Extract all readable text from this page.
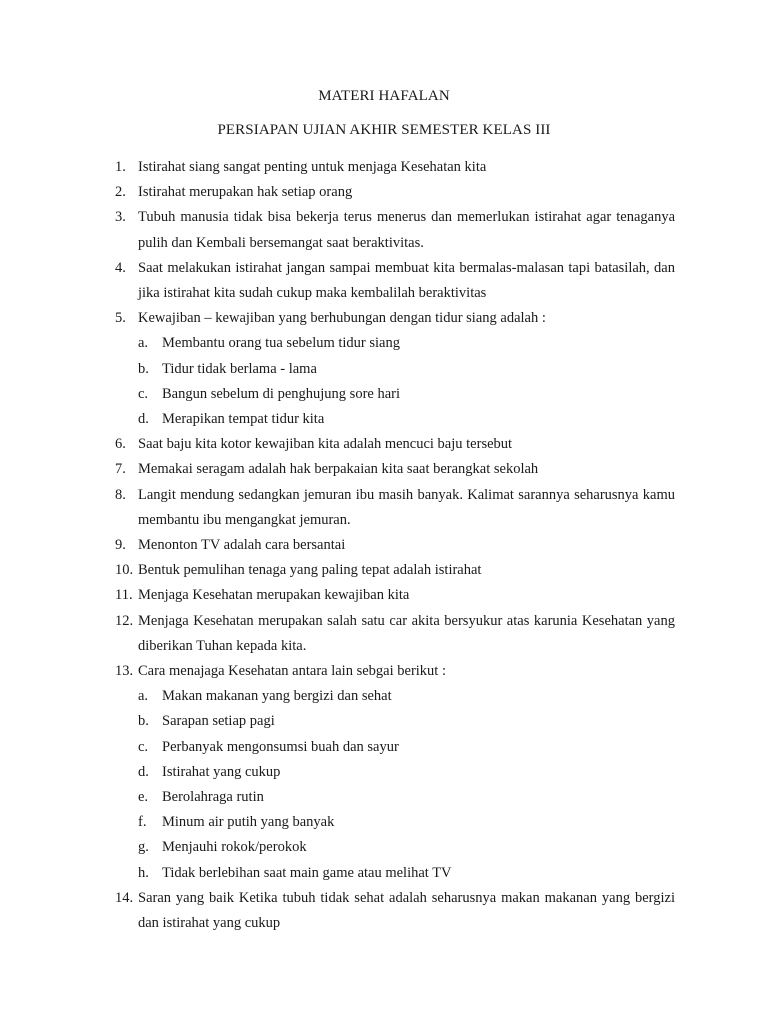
MATERI HAFALAN
PERSIAPAN UJIAN AKHIR SEMESTER KELAS III
1. Istirahat siang sangat penting untuk menjaga Kesehatan kita
2. Istirahat merupakan hak setiap orang
3. Tubuh manusia tidak bisa bekerja terus menerus dan memerlukan istirahat agar tenaganya pulih dan Kembali bersemangat saat beraktivitas.
4. Saat melakukan istirahat jangan sampai membuat kita bermalas-malasan tapi batasilah, dan jika istirahat kita sudah cukup maka kembalilah beraktivitas
5. Kewajiban – kewajiban yang berhubungan dengan tidur siang adalah :
a. Membantu orang tua sebelum tidur siang
b. Tidur tidak berlama - lama
c. Bangun sebelum di penghujung sore hari
d. Merapikan tempat tidur kita
6. Saat baju kita kotor kewajiban kita adalah mencuci baju tersebut
7. Memakai seragam adalah hak berpakaian kita saat berangkat sekolah
8. Langit mendung sedangkan jemuran ibu masih banyak. Kalimat sarannya seharusnya kamu membantu ibu mengangkat jemuran.
9. Menonton TV adalah cara bersantai
10. Bentuk pemulihan tenaga yang paling tepat adalah istirahat
11. Menjaga Kesehatan merupakan kewajiban kita
12. Menjaga Kesehatan merupakan salah satu car akita bersyukur atas karunia Kesehatan yang diberikan Tuhan kepada kita.
13. Cara menajaga Kesehatan antara lain sebgai berikut :
a. Makan makanan yang bergizi dan sehat
b. Sarapan setiap pagi
c. Perbanyak mengonsumsi buah dan sayur
d. Istirahat yang cukup
e. Berolahraga rutin
f. Minum air putih yang banyak
g. Menjauhi rokok/perokok
h. Tidak berlebihan saat main game atau melihat TV
14. Saran yang baik Ketika tubuh tidak sehat adalah seharusnya makan makanan yang bergizi dan istirahat yang cukup
